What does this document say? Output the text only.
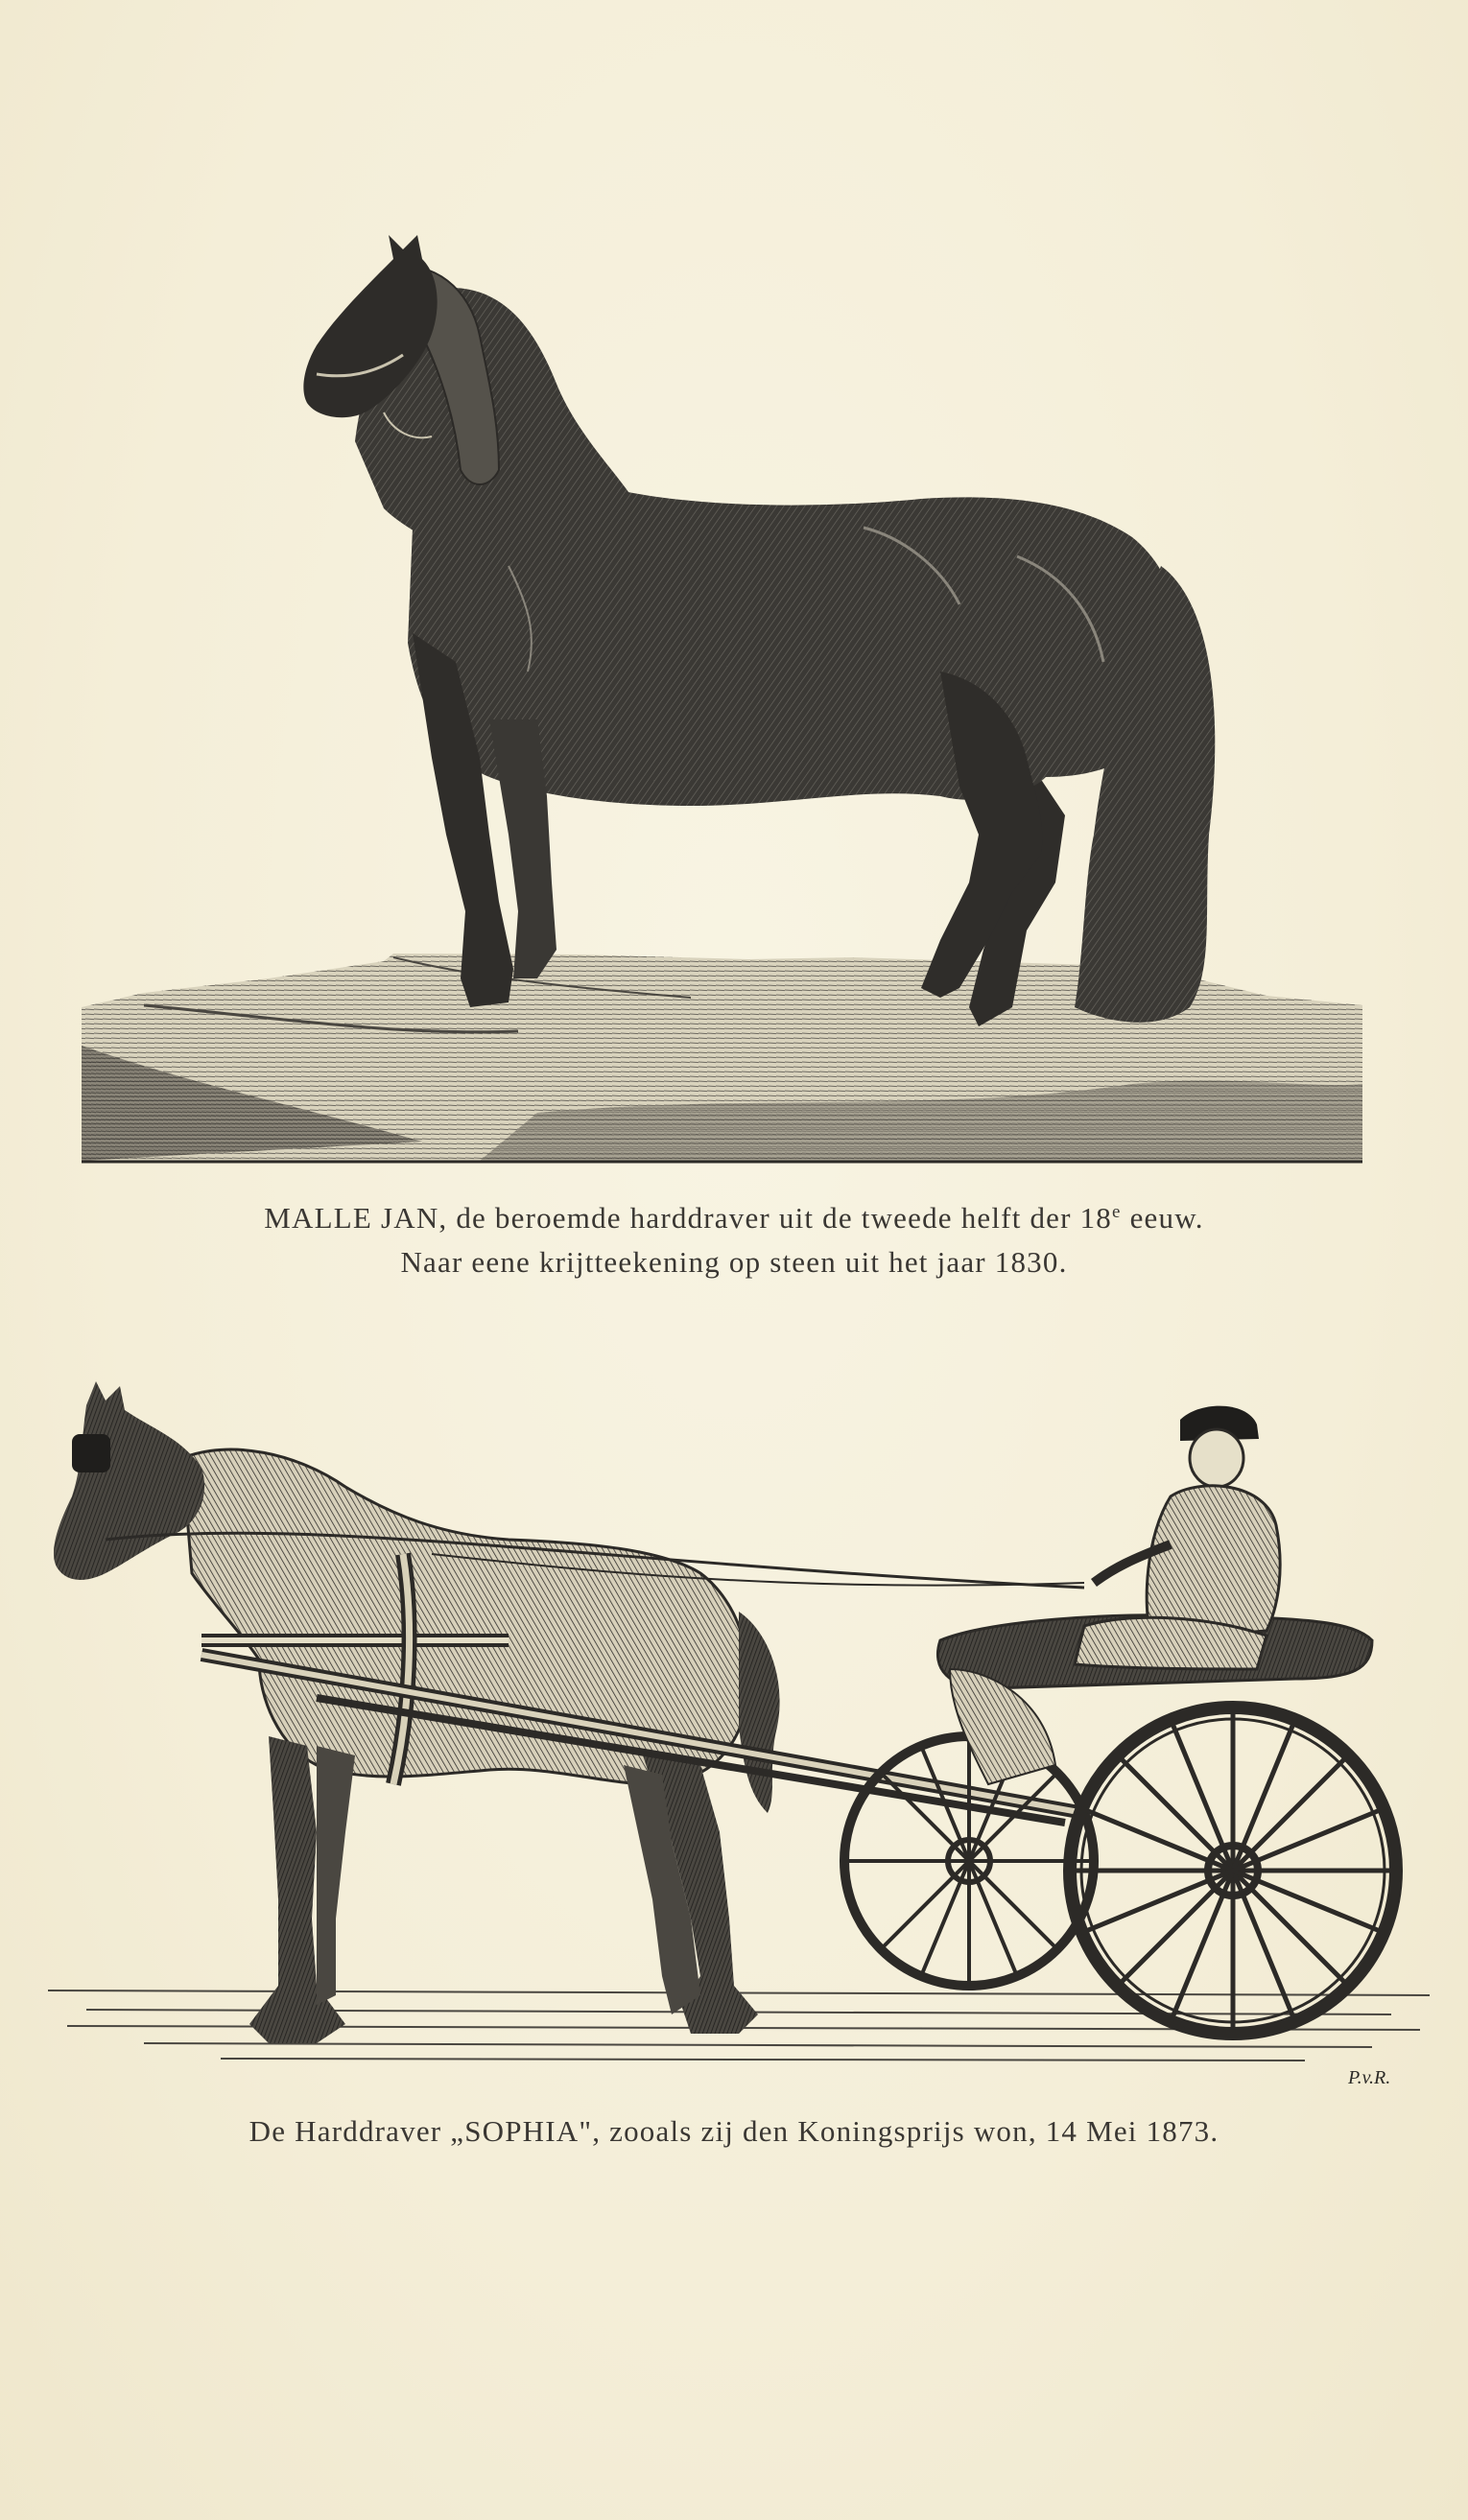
MALLE JAN, de beroemde harddraver uit de tweede helft der 18e eeuw.
Naar eene krijtteekening op steen uit het jaar 1830.
P.v.R.
De Harddraver „SOPHIA", zooals zij den Koningsprijs won, 14 Mei 1873.
